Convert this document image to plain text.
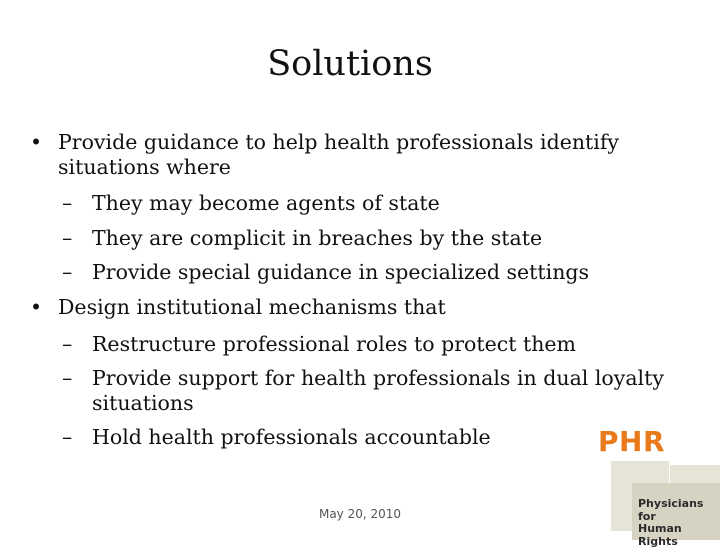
Solutions
• Provide guidance to help health professionals identify situations where
– They may become agents of state
– They are complicit in breaches by the state
– Provide special guidance in specialized settings
• Design institutional mechanisms that
– Restructure professional roles to protect them
– Provide support for health professionals in dual loyalty situations
– Hold health professionals accountable
May 20, 2010
PHR
Physicians for
Human Rights
